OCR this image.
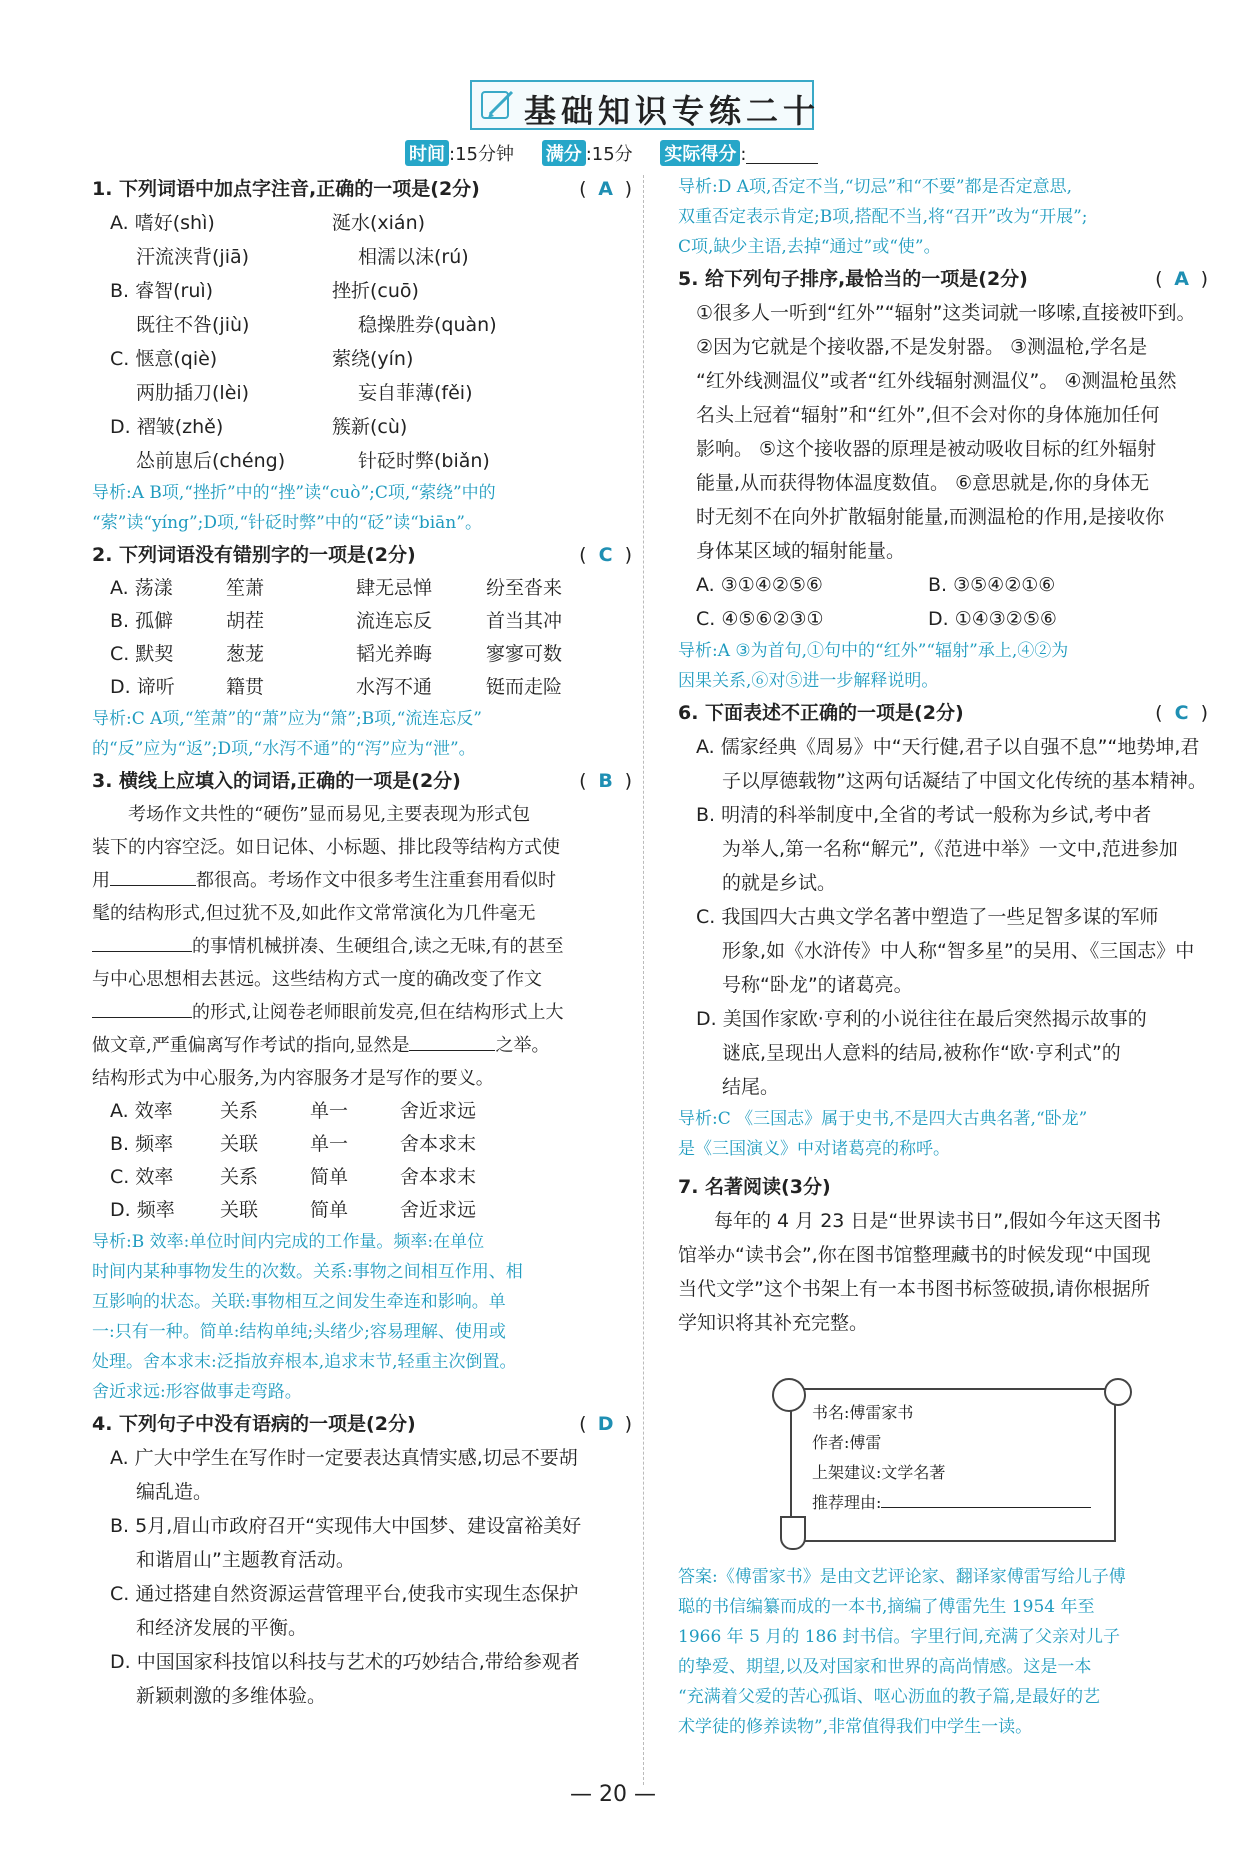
基础知识专练二十
时间 :15分钟 满分 :15分 实际得分 :
1. 下列词语中加点字注音,正确的一项是(2分)	( A )
A. 嗜好(shì)	涎水(xián)
汗流浃背(jiā)	相濡以沫(rú)
B. 睿智(ruì)	挫折(cuō)
既往不咎(jiù)	稳操胜券(quàn)
C. 惬意(qiè)	萦绕(yín)
两肋插刀(lèi)	妄自菲薄(fěi)
D. 褶皱(zhě)	簇新(cù)
怂前崽后(chéng)	针砭时弊(biǎn)
导析:A B项,“挫折”中的“挫”读“cuò”;C项,“萦绕”中的
“萦”读“yíng”;D项,“针砭时弊”中的“砭”读“biān”。
2. 下列词语没有错别字的一项是(2分)	( C )
A. 荡漾	笙萧	肆无忌惮	纷至沓来
B. 孤僻	胡茬	流连忘反	首当其冲
C. 默契	葱茏	韬光养晦	寥寥可数
D. 谛听	籍贯	水泻不通	铤而走险
导析:C A项,“笙萧”的“萧”应为“箫”;B项,“流连忘反”
的“反”应为“返”;D项,“水泻不通”的“泻”应为“泄”。
3. 横线上应填入的词语,正确的一项是(2分)	( B )
考场作文共性的“硬伤”显而易见,主要表现为形式包
装下的内容空泛。如日记体、小标题、排比段等结构方式使
用	都很高。考场作文中很多考生注重套用看似时
髦的结构形式,但过犹不及,如此作文常常演化为几件毫无
的事情机械拼凑、生硬组合,读之无味,有的甚至
与中心思想相去甚远。这些结构方式一度的确改变了作文
的形式,让阅卷老师眼前发亮,但在结构形式上大
做文章,严重偏离写作考试的指向,显然是	之举。
结构形式为中心服务,为内容服务才是写作的要义。
A. 效率	关系	单一	舍近求远
B. 频率	关联	单一	舍本求末
C. 效率	关系	简单	舍本求末
D. 频率	关联	简单	舍近求远
导析:B 效率:单位时间内完成的工作量。频率:在单位
时间内某种事物发生的次数。关系:事物之间相互作用、相
互影响的状态。关联:事物相互之间发生牵连和影响。单
一:只有一种。简单:结构单纯;头绪少;容易理解、使用或
处理。舍本求末:泛指放弃根本,追求末节,轻重主次倒置。
舍近求远:形容做事走弯路。
4. 下列句子中没有语病的一项是(2分)	( D )
A. 广大中学生在写作时一定要表达真情实感,切忌不要胡
编乱造。
B. 5月,眉山市政府召开“实现伟大中国梦、建设富裕美好
和谐眉山”主题教育活动。
C. 通过搭建自然资源运营管理平台,使我市实现生态保护
和经济发展的平衡。
D. 中国国家科技馆以科技与艺术的巧妙结合,带给参观者
新颖刺激的多维体验。
导析:D A项,否定不当,“切忌”和“不要”都是否定意思,
双重否定表示肯定;B项,搭配不当,将“召开”改为“开展”;
C项,缺少主语,去掉“通过”或“使”。
5. 给下列句子排序,最恰当的一项是(2分)	( A )
①很多人一听到“红外”“辐射”这类词就一哆嗦,直接被吓到。
②因为它就是个接收器,不是发射器。 ③测温枪,学名是
“红外线测温仪”或者“红外线辐射测温仪”。 ④测温枪虽然
名头上冠着“辐射”和“红外”,但不会对你的身体施加任何
影响。 ⑤这个接收器的原理是被动吸收目标的红外辐射
能量,从而获得物体温度数值。 ⑥意思就是,你的身体无
时无刻不在向外扩散辐射能量,而测温枪的作用,是接收你
身体某区域的辐射能量。
A. ③①④②⑤⑥	B. ③⑤④②①⑥
C. ④⑤⑥②③①	D. ①④③②⑤⑥
导析:A ③为首句,①句中的“红外”“辐射”承上,④②为
因果关系,⑥对⑤进一步解释说明。
6. 下面表述不正确的一项是(2分)	( C )
A. 儒家经典《周易》中“天行健,君子以自强不息”“地势坤,君
子以厚德载物”这两句话凝结了中国文化传统的基本精神。
B. 明清的科举制度中,全省的考试一般称为乡试,考中者
为举人,第一名称“解元”,《范进中举》一文中,范进参加
的就是乡试。
C. 我国四大古典文学名著中塑造了一些足智多谋的军师
形象,如《水浒传》中人称“智多星”的吴用、《三国志》中
号称“卧龙”的诸葛亮。
D. 美国作家欧·亨利的小说往往在最后突然揭示故事的
谜底,呈现出人意料的结局,被称作“欧·亨利式”的
结尾。
导析:C 《三国志》属于史书,不是四大古典名著,“卧龙”
是《三国演义》中对诸葛亮的称呼。
7. 名著阅读(3分)
每年的 4 月 23 日是“世界读书日”,假如今年这天图书
馆举办“读书会”,你在图书馆整理藏书的时候发现“中国现
当代文学”这个书架上有一本书图书标签破损,请你根据所
学知识将其补充完整。
书名:傅雷家书
作者:傅雷
上架建议:文学名著
推荐理由:
答案:《傅雷家书》是由文艺评论家、翻译家傅雷写给儿子傅
聪的书信编纂而成的一本书,摘编了傅雷先生 1954 年至
1966 年 5 月的 186 封书信。字里行间,充满了父亲对儿子
的挚爱、期望,以及对国家和世界的高尚情感。这是一本
“充满着父爱的苦心孤诣、呕心沥血的教子篇,是最好的艺
术学徒的修养读物”,非常值得我们中学生一读。
— 20 —
